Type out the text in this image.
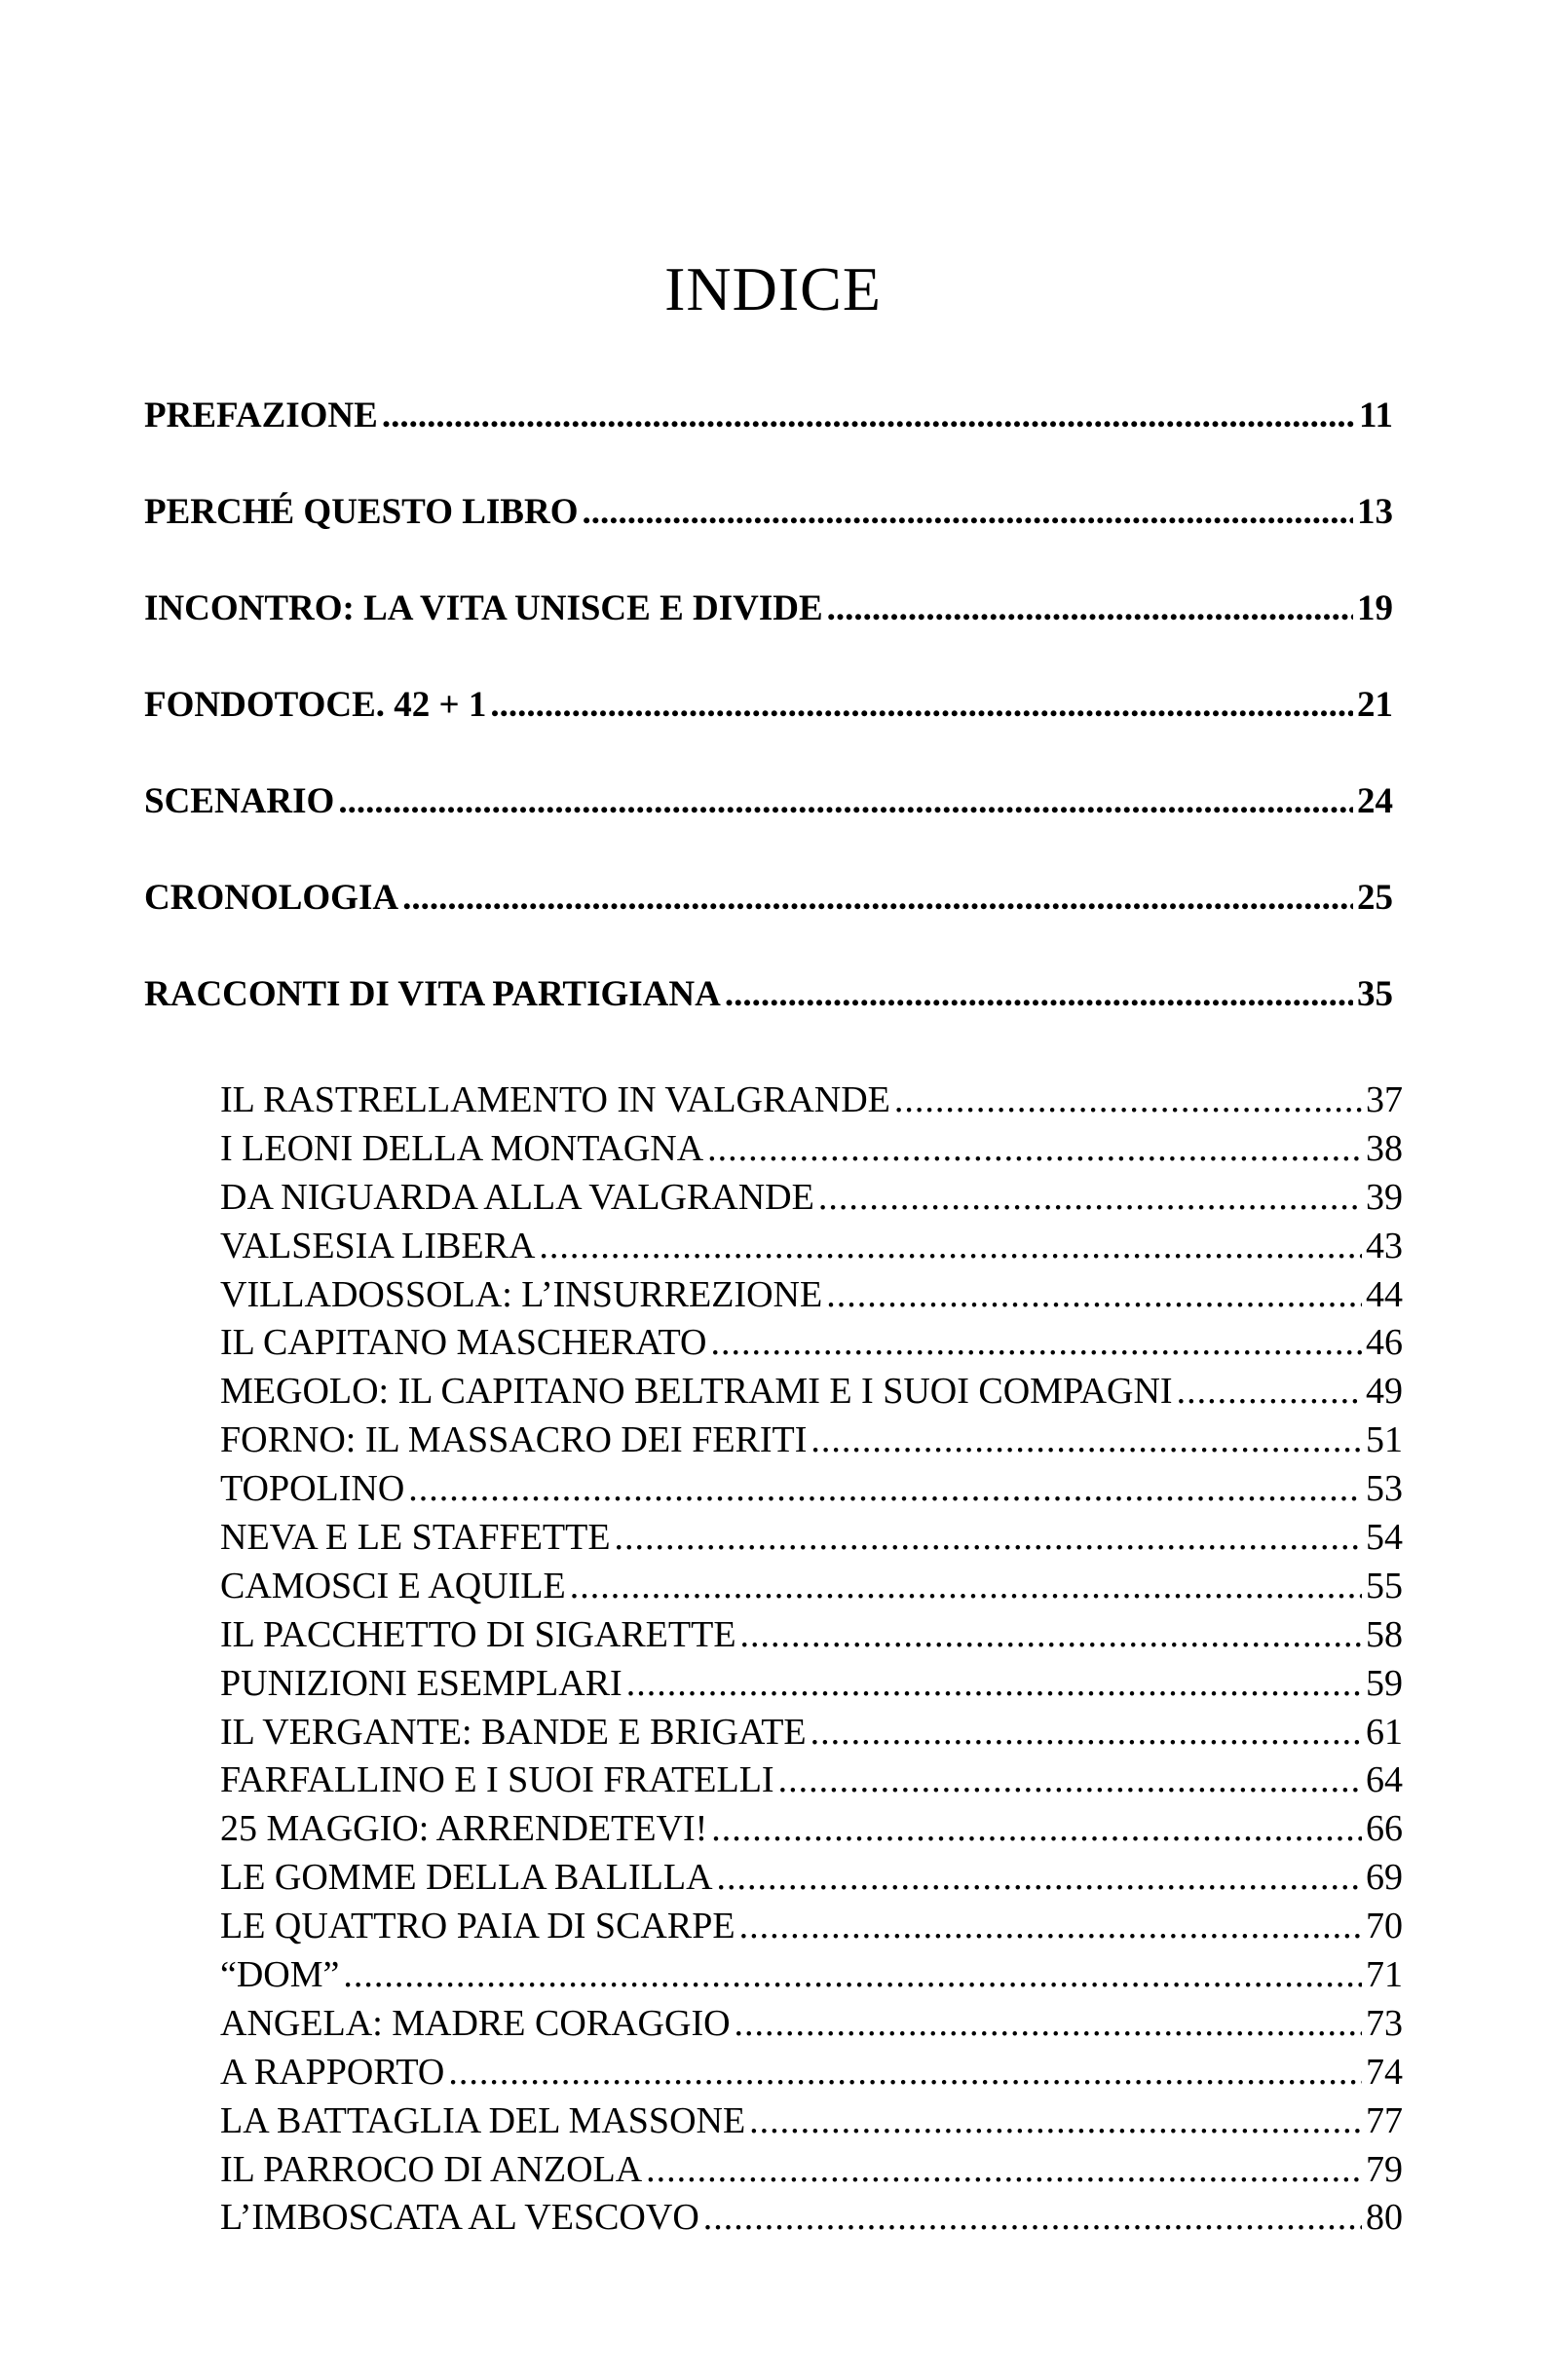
INDICE
PREFAZIONE .....	11
PERCHÉ QUESTO LIBRO .....	13
INCONTRO: LA VITA UNISCE E DIVIDE .....	19
FONDOTOCE. 42 + 1 .....	21
SCENARIO .....	24
CRONOLOGIA .....	25
RACCONTI DI VITA PARTIGIANA .....	35
IL RASTRELLAMENTO IN VALGRANDE .....	37
I LEONI DELLA MONTAGNA .....	38
DA NIGUARDA ALLA VALGRANDE .....	39
VALSESIA LIBERA .....	43
VILLADOSSOLA: L’INSURREZIONE .....	44
IL CAPITANO MASCHERATO .....	46
MEGOLO: IL CAPITANO BELTRAMI E I SUOI COMPAGNI .....	49
FORNO: IL MASSACRO DEI FERITI .....	51
TOPOLINO .....	53
NEVA E LE STAFFETTE .....	54
CAMOSCI E AQUILE .....	55
IL PACCHETTO DI SIGARETTE .....	58
PUNIZIONI ESEMPLARI .....	59
IL VERGANTE: BANDE E BRIGATE .....	61
FARFALLINO E I SUOI FRATELLI .....	64
25 MAGGIO: ARRENDETEVI! .....	66
LE GOMME DELLA BALILLA .....	69
LE QUATTRO PAIA DI SCARPE .....	70
“DOM” .....	71
ANGELA: MADRE CORAGGIO .....	73
A RAPPORTO .....	74
LA BATTAGLIA DEL MASSONE .....	77
IL PARROCO DI ANZOLA .....	79
L’IMBOSCATA AL VESCOVO .....	80
